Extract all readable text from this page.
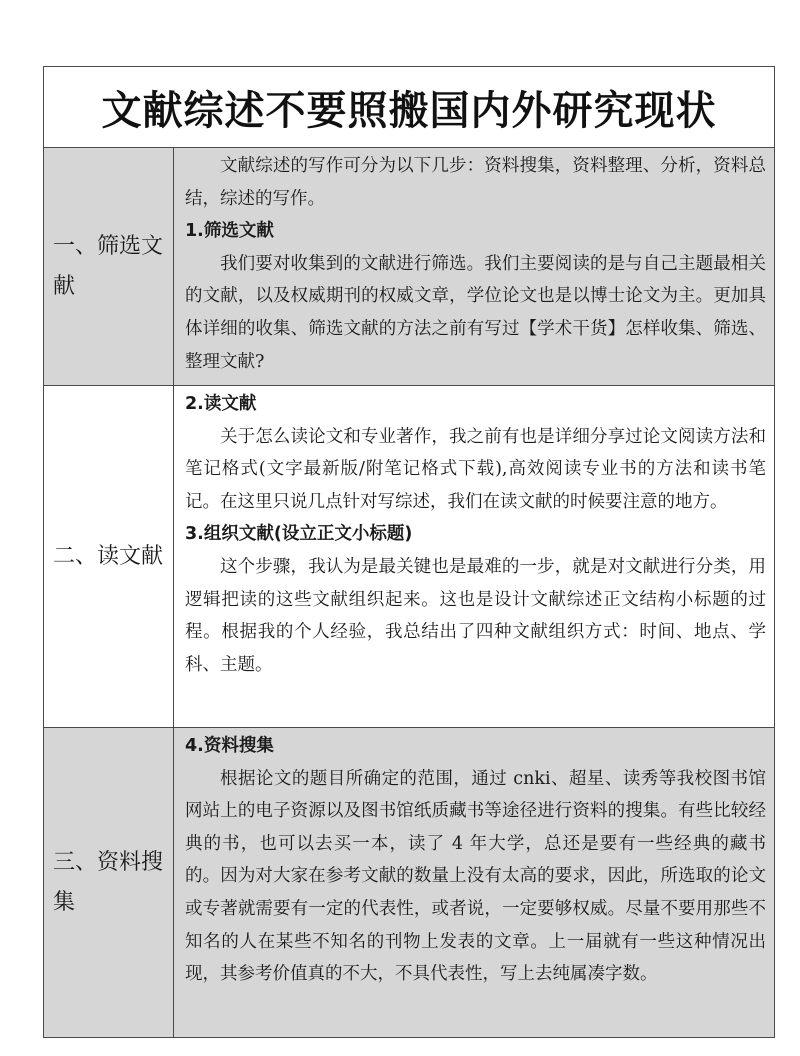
文献综述不要照搬国内外研究现状
一、筛选文献

文献综述的写作可分为以下几步：资料搜集，资料整理、分析，资料总结，综述的写作。

1.筛选文献

我们要对收集到的文献进行筛选。我们主要阅读的是与自己主题最相关的文献，以及权威期刊的权威文章，学位论文也是以博士论文为主。更加具体详细的收集、筛选文献的方法之前有写过【学术干货】怎样收集、筛选、整理文献?

二、读文献
2.读文献

关于怎么读论文和专业著作，我之前有也是详细分享过论文阅读方法和笔记格式(文字最新版/附笔记格式下载),高效阅读专业书的方法和读书笔记。在这里只说几点针对写综述，我们在读文献的时候要注意的地方。

3.组织文献(设立正文小标题)

这个步骤，我认为是最关键也是最难的一步，就是对文献进行分类，用逻辑把读的这些文献组织起来。这也是设计文献综述正文结构小标题的过程。根据我的个人经验，我总结出了四种文献组织方式：时间、地点、学科、主题。

三、资料搜集
4.资料搜集

根据论文的题目所确定的范围，通过 cnki、超星、读秀等我校图书馆网站上的电子资源以及图书馆纸质藏书等途径进行资料的搜集。有些比较经典的书，也可以去买一本，读了 4 年大学，总还是要有一些经典的藏书的。因为对大家在参考文献的数量上没有太高的要求，因此，所选取的论文或专著就需要有一定的代表性，或者说，一定要够权威。尽量不要用那些不知名的人在某些不知名的刊物上发表的文章。上一届就有一些这种情况出现，其参考价值真的不大，不具代表性，写上去纯属凑字数。
